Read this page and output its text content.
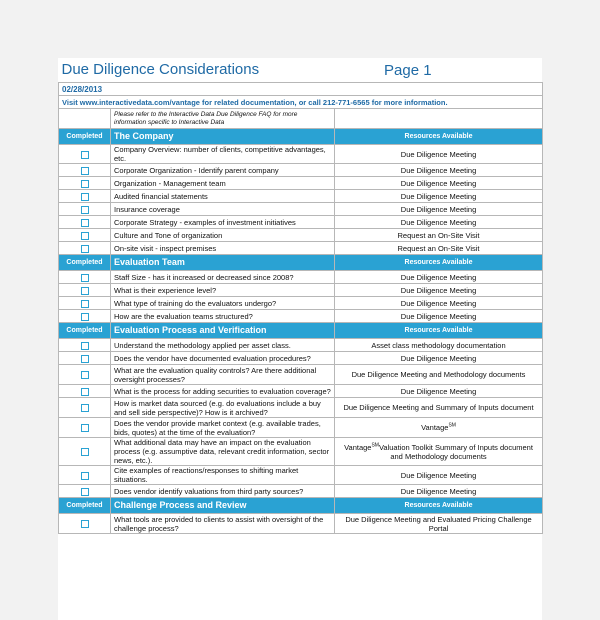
Page 1
Due Diligence Considerations		
02/28/2013		
Visit www.interactivedata.com/vantage for related documentation, or call 212-771-6565 for more information.		
	Please refer to the Interactive Data Due Diligence FAQ for more information specific to Interactive Data	
Completed	The Company	Resources Available
	Company Overview: number of clients, competitive advantages, etc.	Due Diligence Meeting
	Corporate Organization - Identify parent company	Due Diligence Meeting
	Organization - Management team	Due Diligence Meeting
	Audited financial statements	Due Diligence Meeting
	Insurance coverage	Due Diligence Meeting
	Corporate Strategy - examples of investment initiatives	Due Diligence Meeting
	Culture and Tone of organization	Request an On-Site Visit
	On-site visit - inspect premises	Request an On-Site Visit
Completed	Evaluation Team	Resources Available
	Staff Size - has it increased or decreased since 2008?	Due Diligence Meeting
	What is their experience level?	Due Diligence Meeting
	What type of training do the evaluators undergo?	Due Diligence Meeting
	How are the evaluation teams structured?	Due Diligence Meeting
Completed	Evaluation Process and Verification	Resources Available
	Understand the methodology applied per asset class.	Asset class methodology documentation
	Does the vendor have documented evaluation procedures?	Due Diligence Meeting
	What are the evaluation quality controls? Are there additional oversight processes?	Due Diligence Meeting and Methodology documents
	What is the process for adding securities to evaluation coverage?	Due Diligence Meeting
	How is market data sourced (e.g. do evaluations include a buy and sell side perspective)? How is it archived?	Due Diligence Meeting and Summary of Inputs document
	Does the vendor provide market context (e.g. available trades, bids, quotes) at the time of the evaluation?	Vantage℠
	What additional data may have an impact on the evaluation process (e.g. assumptive data, relevant credit information, sector news, etc.).	Vantage℠Valuation Toolkit Summary of Inputs document and Methodology documents
	Cite examples of reactions/responses to shifting market situations.	Due Diligence Meeting
	Does vendor identify valuations from third party sources?	Due Diligence Meeting
Completed	Challenge Process and Review	Resources Available
	What tools are provided to clients to assist with oversight of the challenge process?	Due Diligence Meeting and Evaluated Pricing Challenge Portal
